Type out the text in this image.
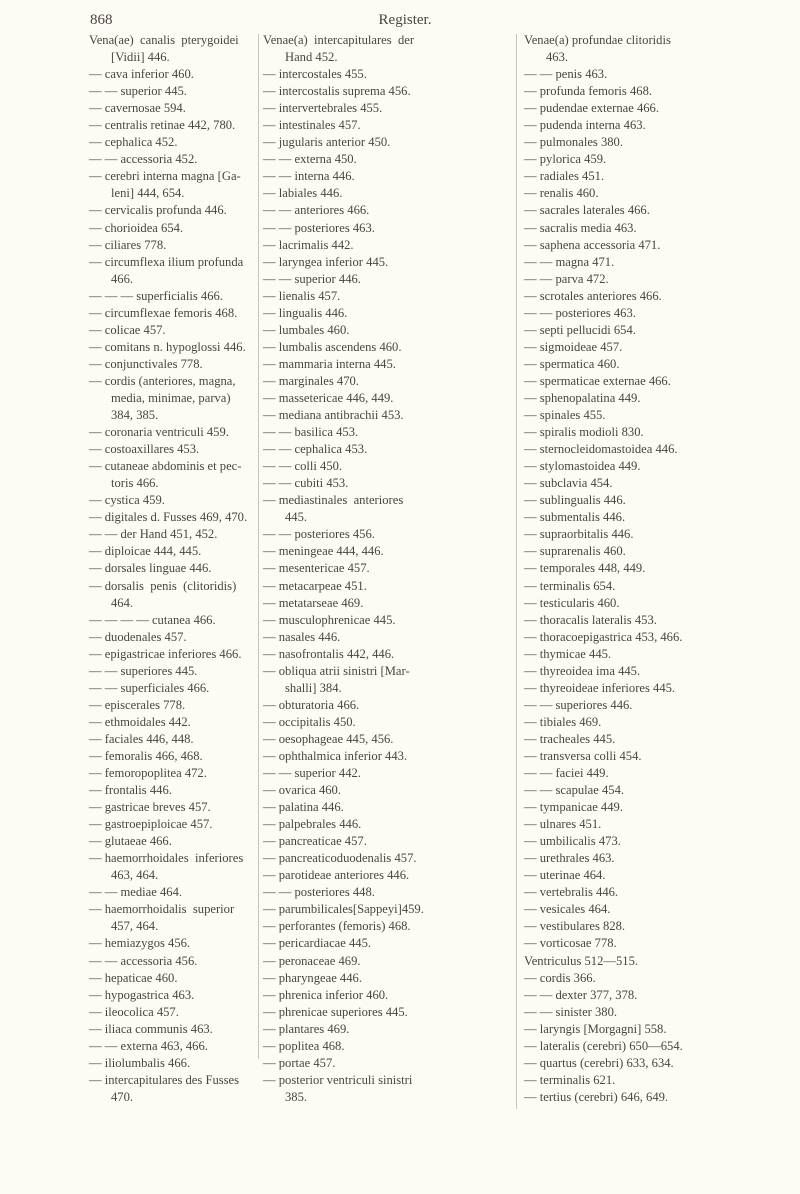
868	Register.
Vena(ae)  canalis  pterygoidei
[Vidii] 446.
— cava inferior 460.
— — superior 445.
— cavernosae 594.
— centralis retinae 442, 780.
— cephalica 452.
— — accessoria 452.
— cerebri interna magna [Ga-
leni] 444, 654.
— cervicalis profunda 446.
— chorioidea 654.
— ciliares 778.
— circumflexa ilium profunda
466.
— — — superficialis 466.
— circumflexae femoris 468.
— colicae 457.
— comitans n. hypoglossi 446.
— conjunctivales 778.
— cordis (anteriores, magna,
media, minimae, parva)
384, 385.
— coronaria ventriculi 459.
— costoaxillares 453.
— cutaneae abdominis et pec-
toris 466.
— cystica 459.
— digitales d. Fusses 469, 470.
— — der Hand 451, 452.
— diploicae 444, 445.
— dorsales linguae 446.
— dorsalis  penis  (clitoridis)
464.
— — — — cutanea 466.
— duodenales 457.
— epigastricae inferiores 466.
— — superiores 445.
— — superficiales 466.
— episcerales 778.
— ethmoidales 442.
— faciales 446, 448.
— femoralis 466, 468.
— femoropoplitea 472.
— frontalis 446.
— gastricae breves 457.
— gastroepiploicae 457.
— glutaeae 466.
— haemorrhoidales  inferiores
463, 464.
— — mediae 464.
— haemorrhoidalis  superior
457, 464.
— hemiazygos 456.
— — accessoria 456.
— hepaticae 460.
— hypogastrica 463.
— ileocolica 457.
— iliaca communis 463.
— — externa 463, 466.
— iliolumbalis 466.
— intercapitulares des Fusses
470.
Venae(a)  intercapitulares  der
Hand 452.
— intercostales 455.
— intercostalis suprema 456.
— intervertebrales 455.
— intestinales 457.
— jugularis anterior 450.
— — externa 450.
— — interna 446.
— labiales 446.
— — anteriores 466.
— — posteriores 463.
— lacrimalis 442.
— laryngea inferior 445.
— — superior 446.
— lienalis 457.
— lingualis 446.
— lumbales 460.
— lumbalis ascendens 460.
— mammaria interna 445.
— marginales 470.
— massetericae 446, 449.
— mediana antibrachii 453.
— — basilica 453.
— — cephalica 453.
— — colli 450.
— — cubiti 453.
— mediastinales  anteriores
445.
— — posteriores 456.
— meningeae 444, 446.
— mesentericae 457.
— metacarpeae 451.
— metatarseae 469.
— musculophrenicae 445.
— nasales 446.
— nasofrontalis 442, 446.
— obliqua atrii sinistri [Mar-
shalli] 384.
— obturatoria 466.
— occipitalis 450.
— oesophageae 445, 456.
— ophthalmica inferior 443.
— — superior 442.
— ovarica 460.
— palatina 446.
— palpebrales 446.
— pancreaticae 457.
— pancreaticoduodenalis 457.
— parotideae anteriores 446.
— — posteriores 448.
— parumbilicales[Sappeyi]459.
— perforantes (femoris) 468.
— pericardiacae 445.
— peronaceae 469.
— pharyngeae 446.
— phrenica inferior 460.
— phrenicae superiores 445.
— plantares 469.
— poplitea 468.
— portae 457.
— posterior ventriculi sinistri
385.
Venae(a) profundae clitoridis
463.
— — penis 463.
— profunda femoris 468.
— pudendae externae 466.
— pudenda interna 463.
— pulmonales 380.
— pylorica 459.
— radiales 451.
— renalis 460.
— sacrales laterales 466.
— sacralis media 463.
— saphena accessoria 471.
— — magna 471.
— — parva 472.
— scrotales anteriores 466.
— — posteriores 463.
— septi pellucidi 654.
— sigmoideae 457.
— spermatica 460.
— spermaticae externae 466.
— sphenopalatina 449.
— spinales 455.
— spiralis modioli 830.
— sternocleidomastoidea 446.
— stylomastoidea 449.
— subclavia 454.
— sublingualis 446.
— submentalis 446.
— supraorbitalis 446.
— suprarenalis 460.
— temporales 448, 449.
— terminalis 654.
— testicularis 460.
— thoracalis lateralis 453.
— thoracoepigastrica 453, 466.
— thymicae 445.
— thyreoidea ima 445.
— thyreoideae inferiores 445.
— — superiores 446.
— tibiales 469.
— tracheales 445.
— transversa colli 454.
— — faciei 449.
— — scapulae 454.
— tympanicae 449.
— ulnares 451.
— umbilicalis 473.
— urethrales 463.
— uterinae 464.
— vertebralis 446.
— vesicales 464.
— vestibulares 828.
— vorticosae 778.
Ventriculus 512—515.
— cordis 366.
— — dexter 377, 378.
— — sinister 380.
— laryngis [Morgagni] 558.
— lateralis (cerebri) 650—654.
— quartus (cerebri) 633, 634.
— terminalis 621.
— tertius (cerebri) 646, 649.
